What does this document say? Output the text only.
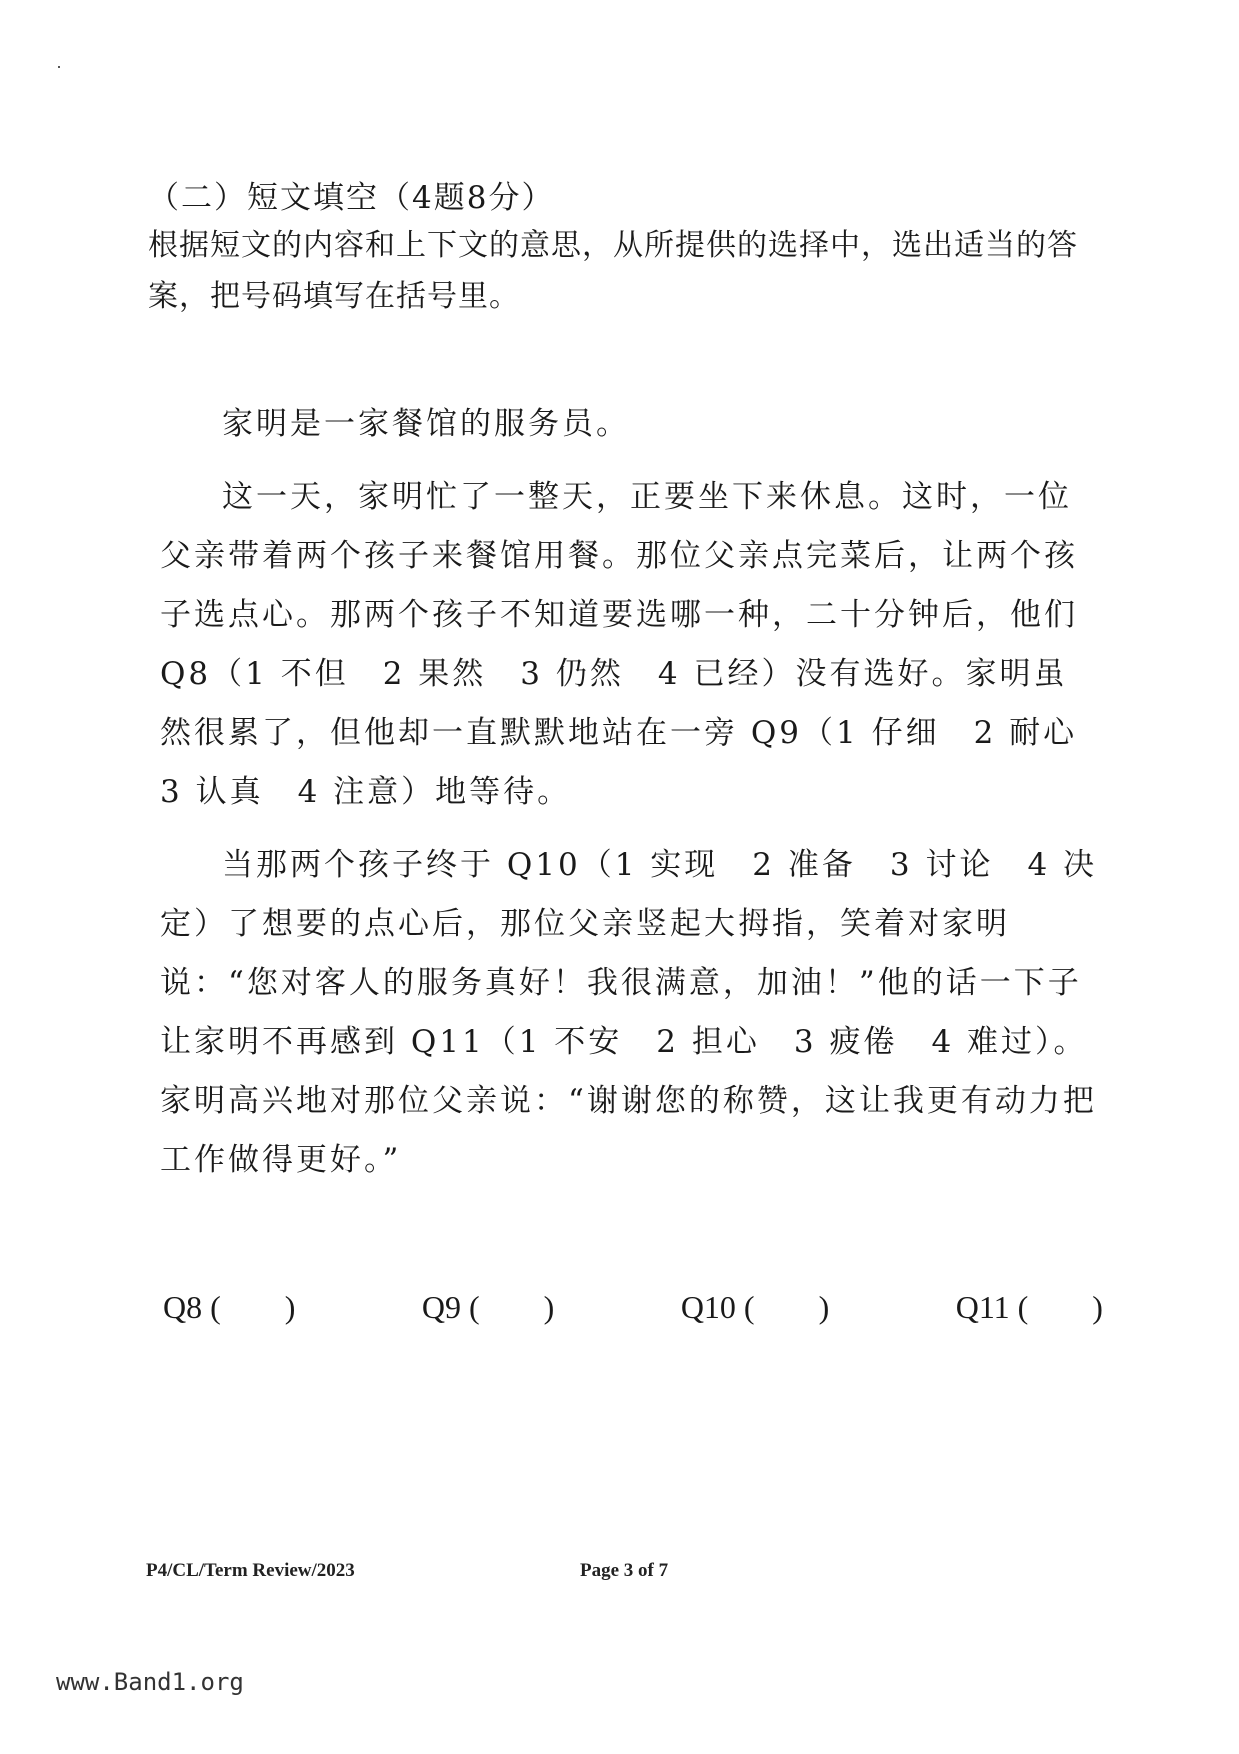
（二）短文填空（4题8分）
根据短文的内容和上下文的意思，从所提供的选择中，选出适当的答案，把号码填写在括号里。

家明是一家餐馆的服务员。

这一天，家明忙了一整天，正要坐下来休息。这时，一位父亲带着两个孩子来餐馆用餐。那位父亲点完菜后，让两个孩子选点心。那两个孩子不知道要选哪一种，二十分钟后，他们 Q8（1 不但　2 果然　3 仍然　4 已经）没有选好。家明虽然很累了，但他却一直默默地站在一旁 Q9（1 仔细　2 耐心　3 认真　4 注意）地等待。

当那两个孩子终于 Q10（1 实现　2 准备　3 讨论　4 决定）了想要的点心后，那位父亲竖起大拇指，笑着对家明说：“您对客人的服务真好！我很满意，加油！”他的话一下子让家明不再感到 Q11（1 不安　2 担心　3 疲倦　4 难过）。家明高兴地对那位父亲说：“谢谢您的称赞，这让我更有动力把工作做得更好。”

Q8 (　　)	Q9 (　　)	Q10 (　　)	Q11 (　　)
P4/CL/Term Review/2023	Page 3 of 7
www.Band1.org
